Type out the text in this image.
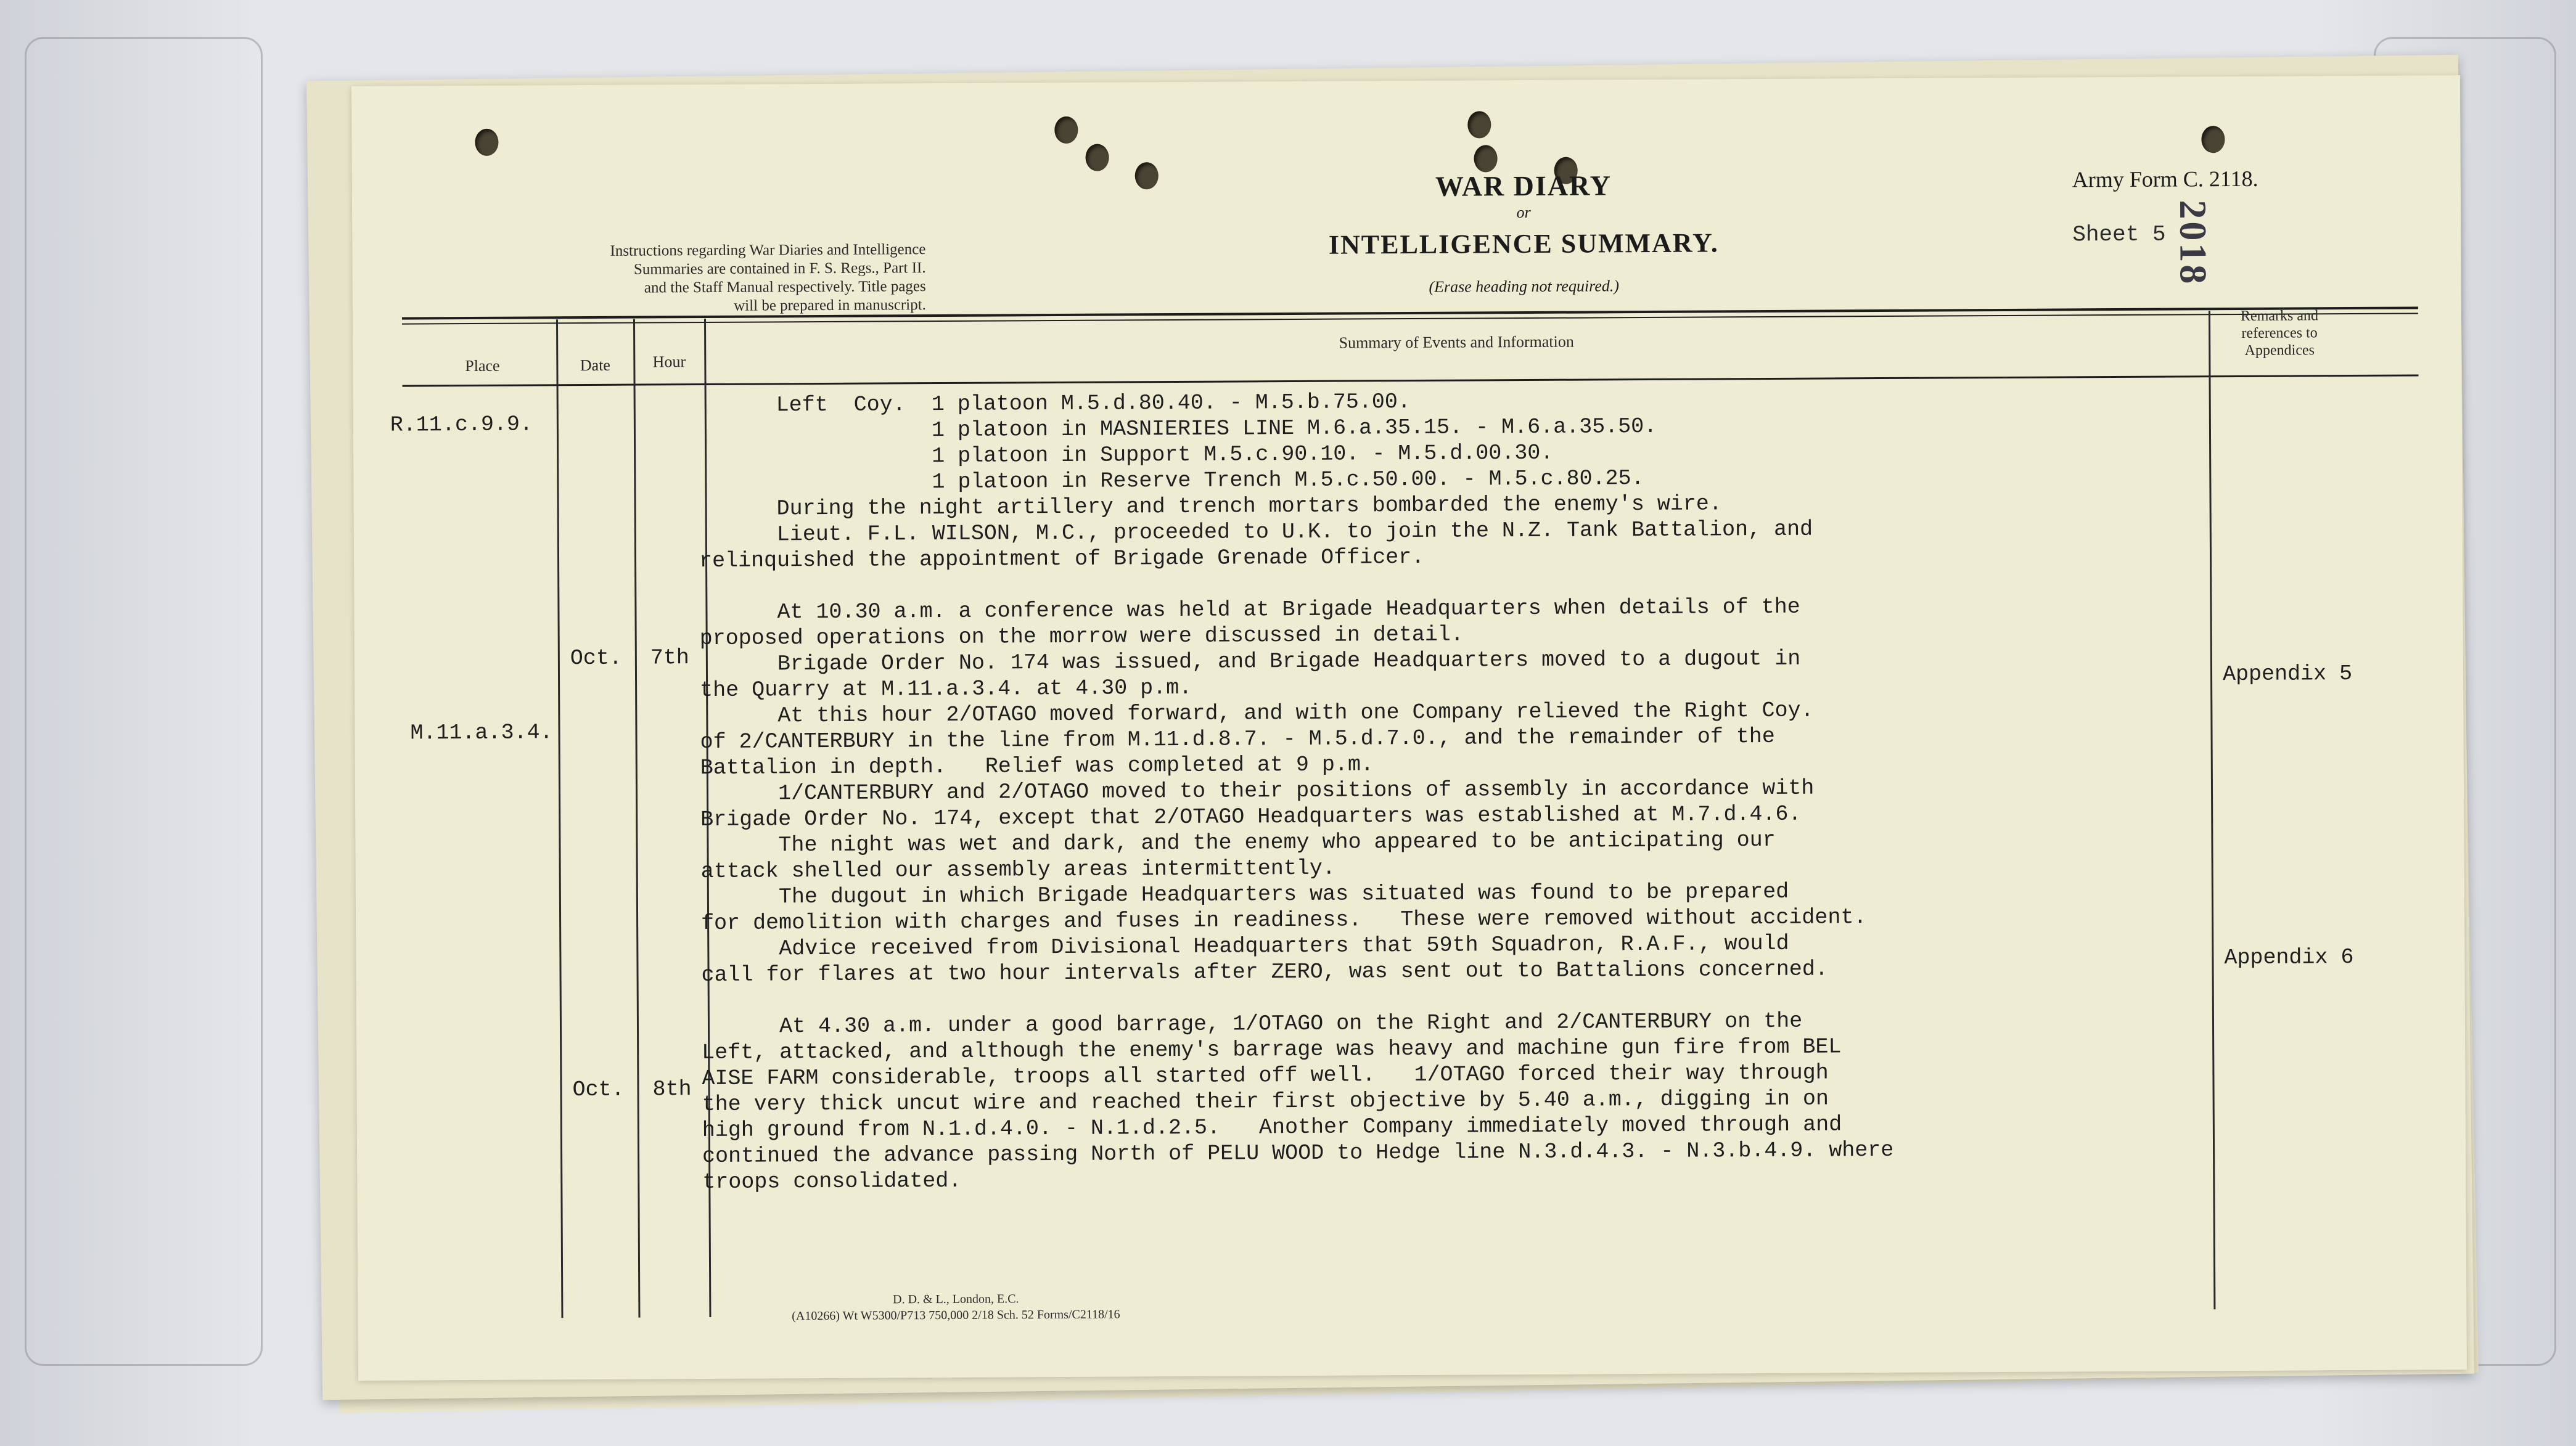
WAR DIARY
or
INTELLIGENCE SUMMARY.
(Erase heading not required.)
Instructions regarding War Diaries and Intelligence
Summaries are contained in F. S. Regs., Part II.
and the Staff Manual respectively. Title pages
will be prepared in manuscript.
Army Form C. 2118.
Sheet 5 2018
Place	Date	Hour
Summary of Events and Information
Remarks and
references to
Appendices
R.11.c.9.9.
M.11.a.3.4.
Oct. 7th
Oct. 8th
Appendix 5
Appendix 6
Left  Coy.  1 platoon M.5.d.80.40. - M.5.b.75.00.
1 platoon in MASNIERIES LINE M.6.a.35.15. - M.6.a.35.50.
1 platoon in Support M.5.c.90.10. - M.5.d.00.30.
1 platoon in Reserve Trench M.5.c.50.00. - M.5.c.80.25.
During the night artillery and trench mortars bombarded the enemy's wire.
Lieut. F.L. WILSON, M.C., proceeded to U.K. to join the N.Z. Tank Battalion, and
relinquished the appointment of Brigade Grenade Officer.
At 10.30 a.m. a conference was held at Brigade Headquarters when details of the
proposed operations on the morrow were discussed in detail.
Brigade Order No. 174 was issued, and Brigade Headquarters moved to a dugout in
the Quarry at M.11.a.3.4. at 4.30 p.m.
At this hour 2/OTAGO moved forward, and with one Company relieved the Right Coy.
of 2/CANTERBURY in the line from M.11.d.8.7. - M.5.d.7.0., and the remainder of the
Battalion in depth.   Relief was completed at 9 p.m.
1/CANTERBURY and 2/OTAGO moved to their positions of assembly in accordance with
Brigade Order No. 174, except that 2/OTAGO Headquarters was established at M.7.d.4.6.
The night was wet and dark, and the enemy who appeared to be anticipating our
attack shelled our assembly areas intermittently.
The dugout in which Brigade Headquarters was situated was found to be prepared
for demolition with charges and fuses in readiness.   These were removed without accident.
Advice received from Divisional Headquarters that 59th Squadron, R.A.F., would
call for flares at two hour intervals after ZERO, was sent out to Battalions concerned.
At 4.30 a.m. under a good barrage, 1/OTAGO on the Right and 2/CANTERBURY on the
Left, attacked, and although the enemy's barrage was heavy and machine gun fire from BEL
AISE FARM considerable, troops all started off well.   1/OTAGO forced their way through
the very thick uncut wire and reached their first objective by 5.40 a.m., digging in on
high ground from N.1.d.4.0. - N.1.d.2.5.   Another Company immediately moved through and
continued the advance passing North of PELU WOOD to Hedge line N.3.d.4.3. - N.3.b.4.9. where
troops consolidated.
D. D. & L., London, E.C.
(A10266) Wt W5300/P713 750,000 2/18 Sch. 52 Forms/C2118/16
